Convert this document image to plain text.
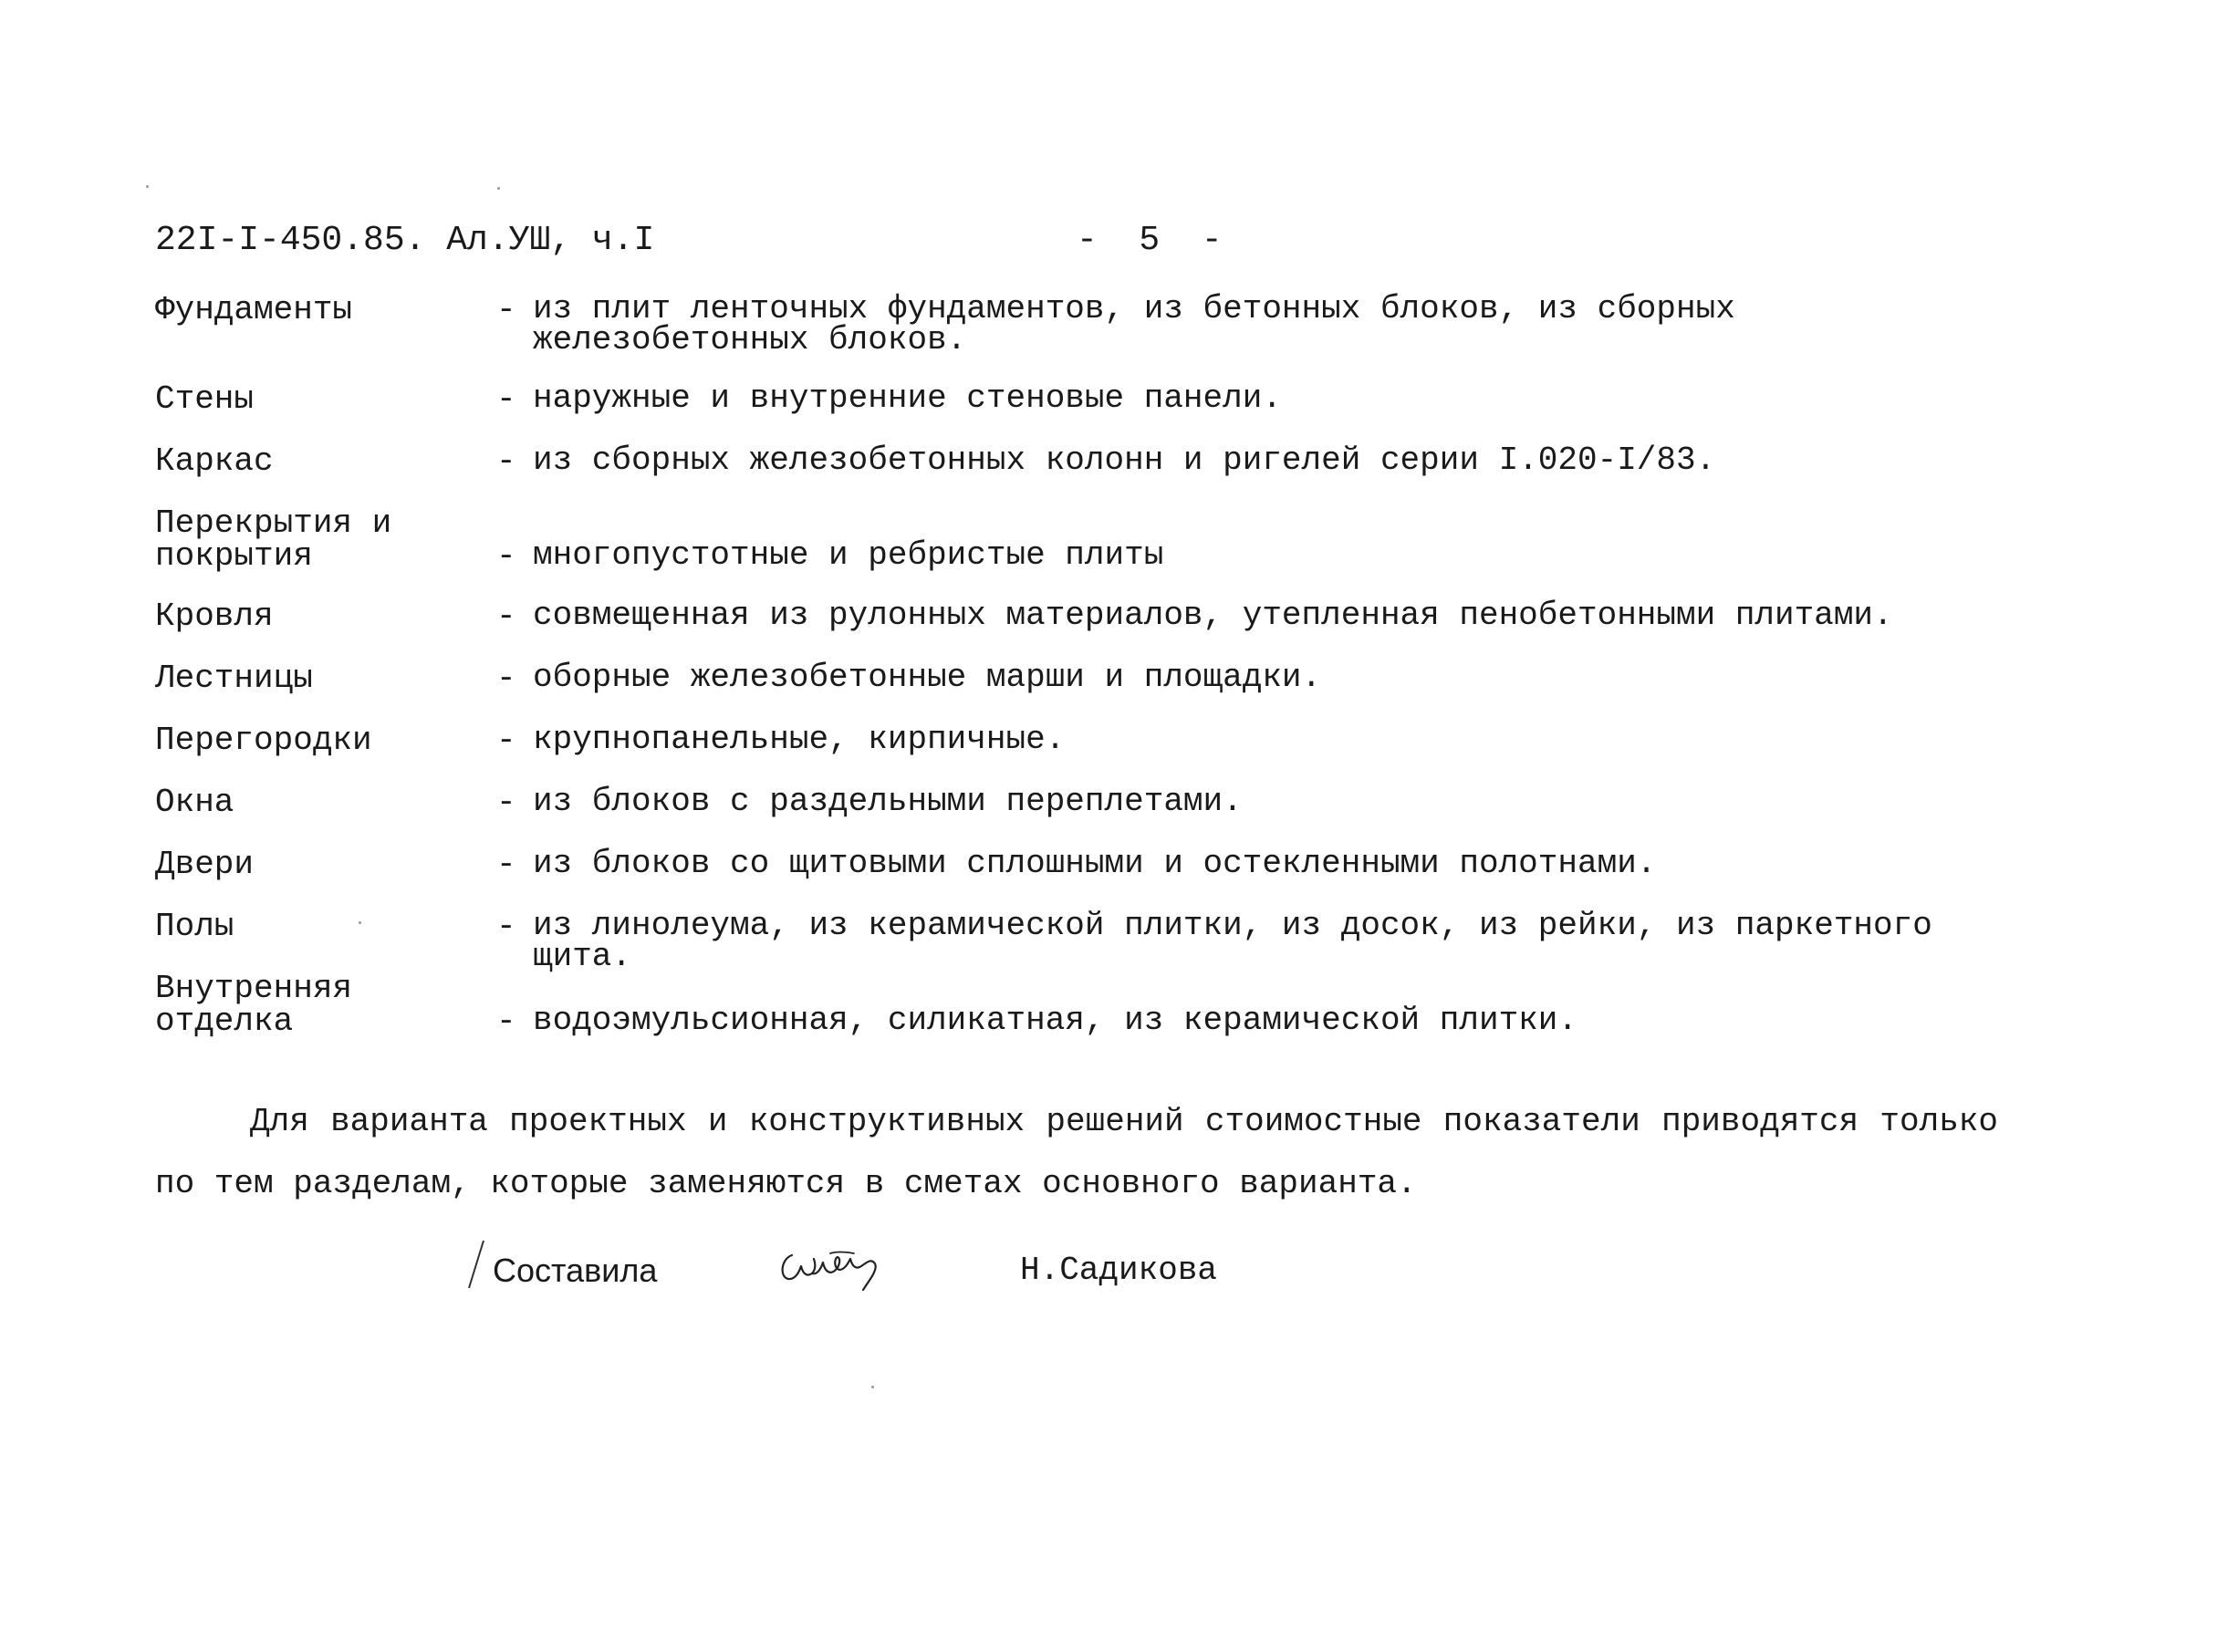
22I-I-450.85. Ал.УШ, ч.I	-  5  -
Фундаменты	- из плит ленточных фундаментов, из бетонных блоков, из сборных железобетонных блоков.
Стены	- наружные и внутренние стеновые панели.
Каркас	- из сборных железобетонных колонн и ригелей серии I.020-I/83.
Перекрытия и
покрытия	- многопустотные и ребристые плиты
Кровля	- совмещенная из рулонных материалов, утепленная пенобетонными плитами.
Лестницы	- оборные железобетонные марши и площадки.
Перегородки	- крупнопанельные, кирпичные.
Окна	- из блоков с раздельными переплетами.
Двери	- из блоков со щитовыми сплошными и остекленными полотнами.
Полы	- из линолеума, из керамической плитки, из досок, из рейки, из паркетного щита.
Внутренняя
отделка	- водоэмульсионная, силикатная, из керамической плитки.

Для варианта проектных и конструктивных решений стоимостные показатели приводятся только по тем разделам, которые заменяются в сметах основного варианта.

Составила	Н.Садикова
